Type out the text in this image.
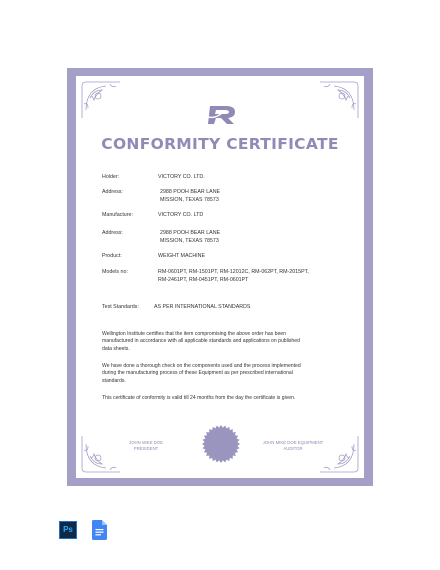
CONFORMITY CERTIFICATE
Holder:	VICTORY CO. LTD.
Address:	2988 POOH BEAR LANE
MISSION, TEXAS 78573
Manufacture:	VICTORY CO. LTD
Address:	2988 POOH BEAR LANE
MISSION, TEXAS 78573
Product:	WEIGHT MACHINE
Models no:	RM-0601PT, RM-1501PT, RM-12012C, RM-062PT, RM-2015PT,
RM-2461PT, RM-0451PT, RM-0601PT
Test Standards:	AS PER INTERNATIONAL STANDARDS
Wellington Institute certifies that the item compromising the above order has been
manufactured in accordance with all applicable standards and applications on published
data sheets.
We have done a thorough check on the components used and the process implemented
during the manufacturing process of these Equipment as per prescribed international
standards.
This certificate of conformity is valid till 24 months from the day the certificate is given.
JOHN MIKE DOE
PRESIDENT
JOHN MIKE DOE EQUIPMENT
AUDITOR
Ps
